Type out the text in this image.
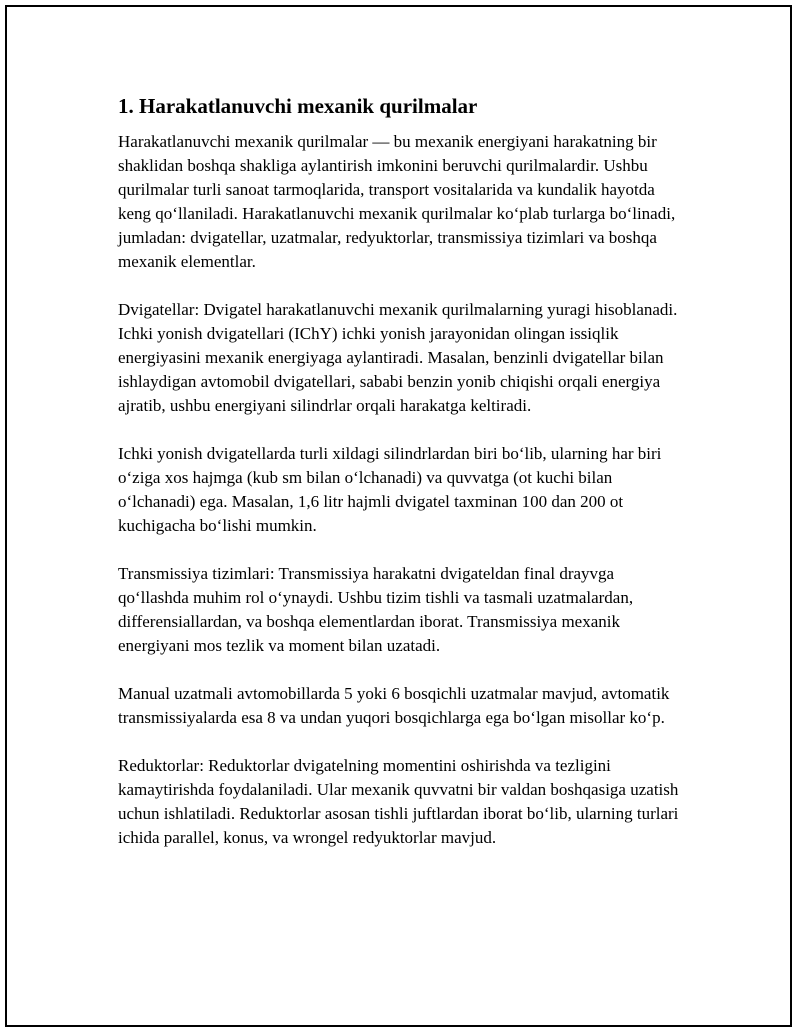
1. Harakatlanuvchi mexanik qurilmalar

Harakatlanuvchi mexanik qurilmalar — bu mexanik energiyani harakatning bir shaklidan boshqa shakliga aylantirish imkonini beruvchi qurilmalardir. Ushbu qurilmalar turli sanoat tarmoqlarida, transport vositalarida va kundalik hayotda keng qo‘llaniladi. Harakatlanuvchi mexanik qurilmalar ko‘plab turlarga bo‘linadi, jumladan: dvigatellar, uzatmalar, redyuktorlar, transmissiya tizimlari va boshqa mexanik elementlar.

Dvigatellar: Dvigatel harakatlanuvchi mexanik qurilmalarning yuragi hisoblanadi. Ichki yonish dvigatellari (IChY) ichki yonish jarayonidan olingan issiqlik energiyasini mexanik energiyaga aylantiradi. Masalan, benzinli dvigatellar bilan ishlaydigan avtomobil dvigatellari, sababi benzin yonib chiqishi orqali energiya ajratib, ushbu energiyani silindrlar orqali harakatga keltiradi.

Ichki yonish dvigatellarda turli xildagi silindrlardan biri bo‘lib, ularning har biri o‘ziga xos hajmga (kub sm bilan o‘lchanadi) va quvvatga (ot kuchi bilan o‘lchanadi) ega. Masalan, 1,6 litr hajmli dvigatel taxminan 100 dan 200 ot kuchigacha bo‘lishi mumkin.

Transmissiya tizimlari: Transmissiya harakatni dvigateldan final drayvga qo‘llashda muhim rol o‘ynaydi. Ushbu tizim tishli va tasmali uzatmalardan, differensiallardan, va boshqa elementlardan iborat. Transmissiya mexanik energiyani mos tezlik va moment bilan uzatadi.

Manual uzatmali avtomobillarda 5 yoki 6 bosqichli uzatmalar mavjud, avtomatik transmissiyalarda esa 8 va undan yuqori bosqichlarga ega bo‘lgan misollar ko‘p.

Reduktorlar: Reduktorlar dvigatelning momentini oshirishda va tezligini kamaytirishda foydalaniladi. Ular mexanik quvvatni bir valdan boshqasiga uzatish uchun ishlatiladi. Reduktorlar asosan tishli juftlardan iborat bo‘lib, ularning turlari ichida parallel, konus, va wrongel redyuktorlar mavjud.
